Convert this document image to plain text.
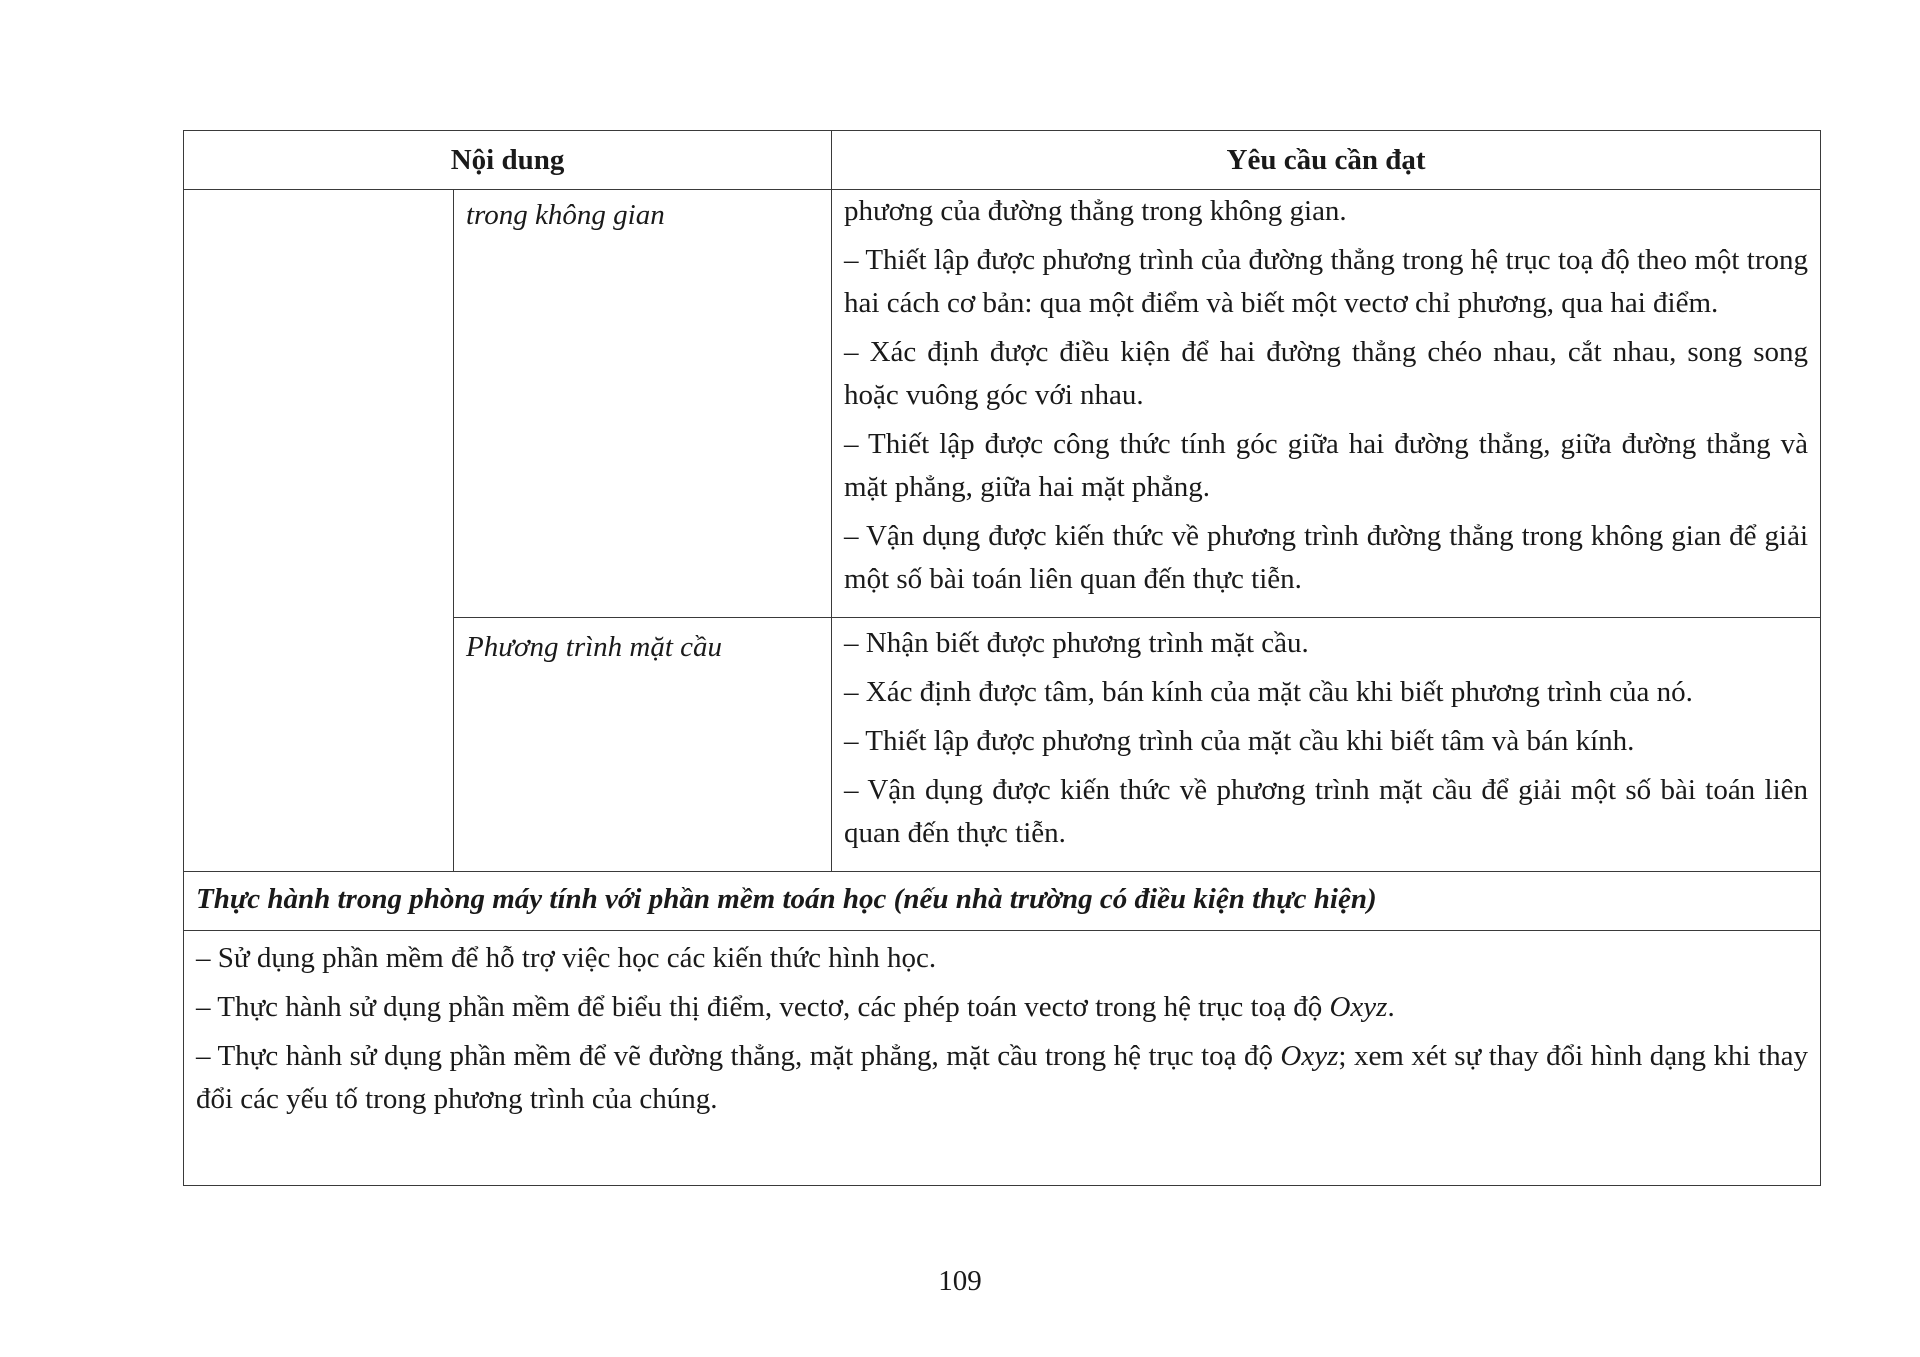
Nội dung		Yêu cầu cần đạt
	trong không gian	phương của đường thẳng trong không gian.

– Thiết lập được phương trình của đường thẳng trong hệ trục toạ độ theo một trong hai cách cơ bản: qua một điểm và biết một vectơ chỉ phương, qua hai điểm.

– Xác định được điều kiện để hai đường thẳng chéo nhau, cắt nhau, song song hoặc vuông góc với nhau.

– Thiết lập được công thức tính góc giữa hai đường thẳng, giữa đường thẳng và mặt phẳng, giữa hai mặt phẳng.

– Vận dụng được kiến thức về phương trình đường thẳng trong không gian để giải một số bài toán liên quan đến thực tiễn.

	Phương trình mặt cầu	– Nhận biết được phương trình mặt cầu.

– Xác định được tâm, bán kính của mặt cầu khi biết phương trình của nó.

– Thiết lập được phương trình của mặt cầu khi biết tâm và bán kính.

– Vận dụng được kiến thức về phương trình mặt cầu để giải một số bài toán liên quan đến thực tiễn.

Thực hành trong phòng máy tính với phần mềm toán học (nếu nhà trường có điều kiện thực hiện)		

– Sử dụng phần mềm để hỗ trợ việc học các kiến thức hình học.

– Thực hành sử dụng phần mềm để biểu thị điểm, vectơ, các phép toán vectơ trong hệ trục toạ độ Oxyz.

– Thực hành sử dụng phần mềm để vẽ đường thẳng, mặt phẳng, mặt cầu trong hệ trục toạ độ Oxyz; xem xét sự thay đổi hình dạng khi thay đổi các yếu tố trong phương trình của chúng.		

109
